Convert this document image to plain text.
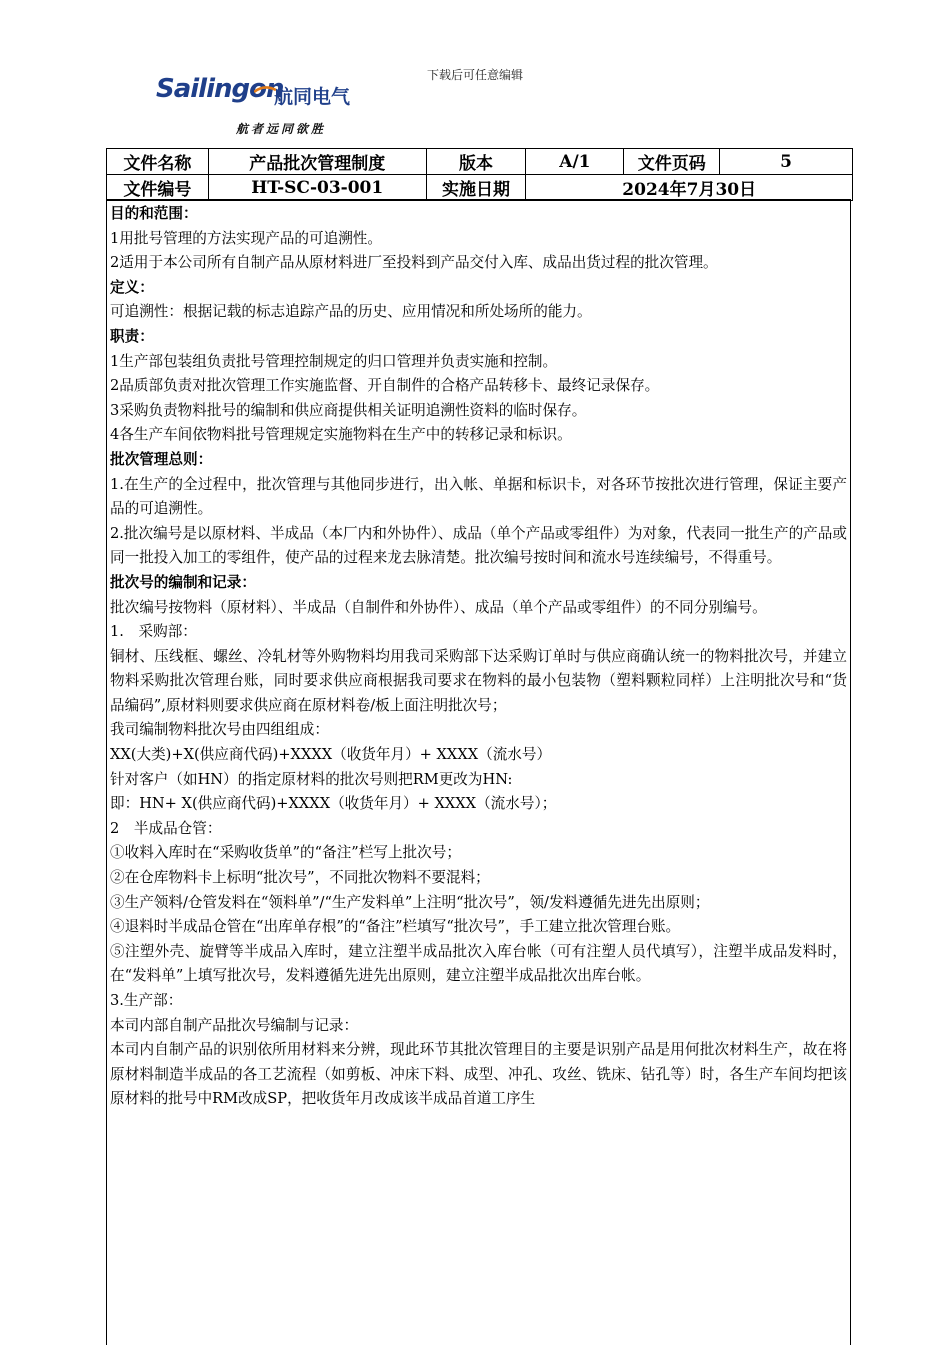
下载后可任意编辑
Sailingon
航同电气
航者远同欲胜
文件名称	产品批次管理制度	版本	A/1	文件页码	5
文件编号	HT-SC-03-001	实施日期	2024年7月30日		

目的和范围：

1用批号管理的方法实现产品的可追溯性。

2适用于本公司所有自制产品从原材料进厂至投料到产品交付入库、成品出货过程的批次管理。

定义：

可追溯性：根据记载的标志追踪产品的历史、应用情况和所处场所的能力。

职责：

1生产部包装组负责批号管理控制规定的归口管理并负责实施和控制。

2品质部负责对批次管理工作实施监督、开自制件的合格产品转移卡、最终记录保存。

3采购负责物料批号的编制和供应商提供相关证明追溯性资料的临时保存。

4各生产车间依物料批号管理规定实施物料在生产中的转移记录和标识。

批次管理总则：

1.在生产的全过程中，批次管理与其他同步进行，出入帐、单据和标识卡，对各环节按批次进行管理，保证主要产品的可追溯性。

2.批次编号是以原材料、半成品（本厂内和外协件）、成品（单个产品或零组件）为对象，代表同一批生产的产品或同一批投入加工的零组件，使产品的过程来龙去脉清楚。批次编号按时间和流水号连续编号，不得重号。

批次号的编制和记录：

批次编号按物料（原材料）、半成品（自制件和外协件）、成品（单个产品或零组件）的不同分别编号。

1.　采购部：

铜材、压线框、螺丝、冷轧材等外购物料均用我司采购部下达采购订单时与供应商确认统一的物料批次号，并建立物料采购批次管理台账，同时要求供应商根据我司要求在物料的最小包装物（塑料颗粒同样）上注明批次号和“货品编码”,原材料则要求供应商在原材料卷/板上面注明批次号；

我司编制物料批次号由四组组成：

XX(大类)+X(供应商代码)+XXXX（收货年月）+ XXXX（流水号）

针对客户（如HN）的指定原材料的批次号则把RM更改为HN:

即：HN+ X(供应商代码)+XXXX（收货年月）+ XXXX（流水号）；

2　半成品仓管：

①收料入库时在“采购收货单”的“备注”栏写上批次号；

②在仓库物料卡上标明“批次号”，不同批次物料不要混料；

③生产领料/仓管发料在“领料单”/“生产发料单”上注明“批次号”，领/发料遵循先进先出原则；

④退料时半成品仓管在“出库单存根”的“备注”栏填写“批次号”，手工建立批次管理台账。

⑤注塑外壳、旋臂等半成品入库时，建立注塑半成品批次入库台帐（可有注塑人员代填写），注塑半成品发料时，在“发料单”上填写批次号，发料遵循先进先出原则，建立注塑半成品批次出库台帐。

3.生产部：

本司内部自制产品批次号编制与记录：

本司内自制产品的识别依所用材料来分辨，现此环节其批次管理目的主要是识别产品是用何批次材料生产，故在将原材料制造半成品的各工艺流程（如剪板、冲床下料、成型、冲孔、攻丝、铣床、钻孔等）时，各生产车间均把该原材料的批号中RM改成SP，把收货年月改成该半成品首道工序生
